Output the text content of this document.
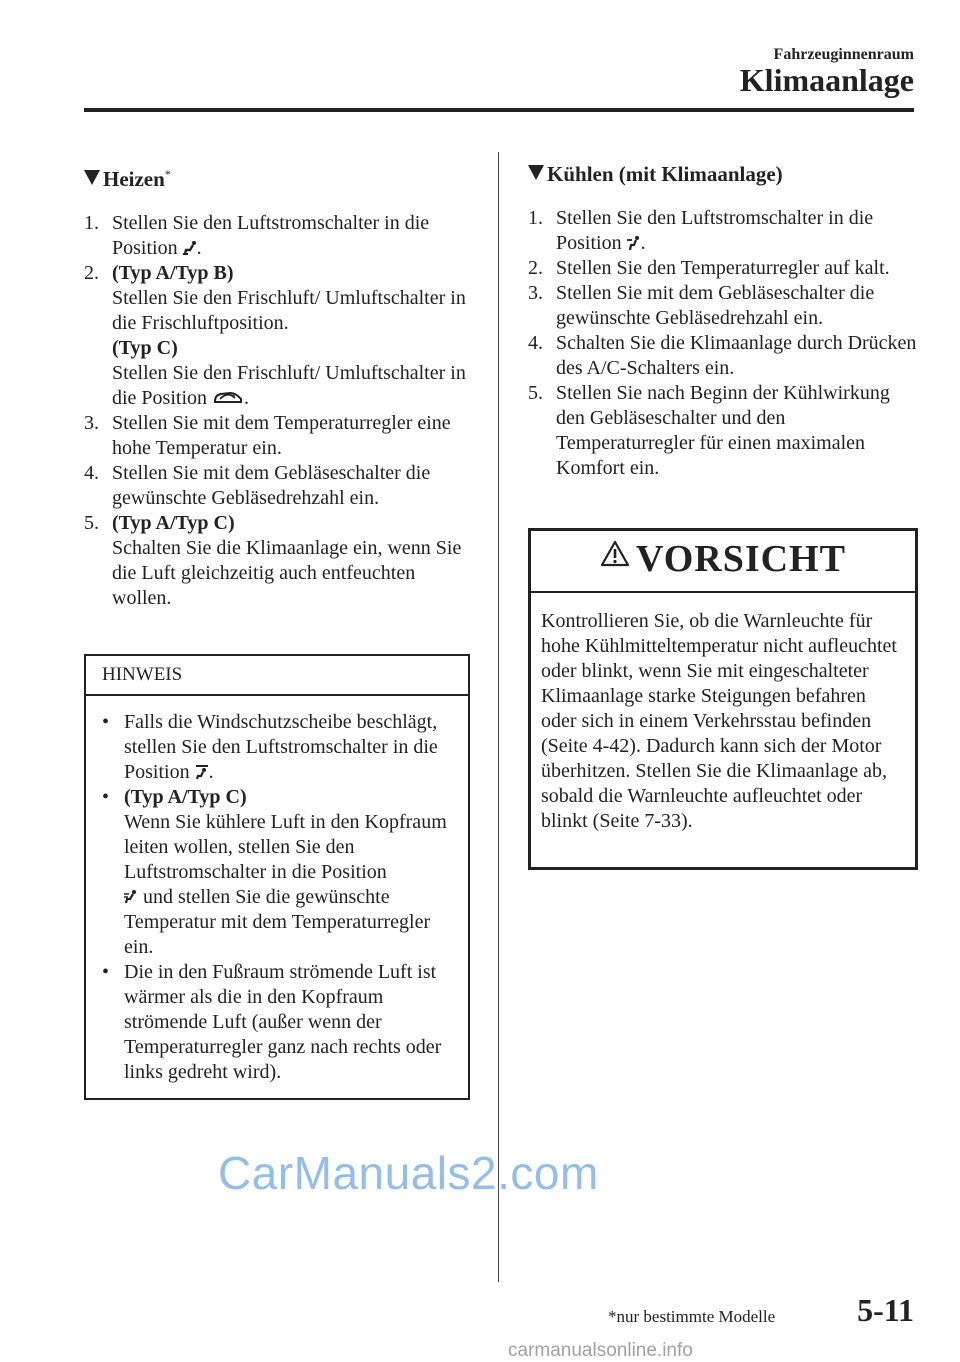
Fahrzeuginnenraum
Klimaanlage
Heizen*
1. Stellen Sie den Luftstromschalter in die Position .
2. (Typ A/Typ B)
Stellen Sie den Frischluft/ Umluftschalter in die Frischluftposition.
(Typ C)
Stellen Sie den Frischluft/ Umluftschalter in die Position .
3. Stellen Sie mit dem Temperaturregler eine hohe Temperatur ein.
4. Stellen Sie mit dem Gebläseschalter die gewünschte Gebläsedrehzahl ein.
5. (Typ A/Typ C)
Schalten Sie die Klimaanlage ein, wenn Sie die Luft gleichzeitig auch entfeuchten wollen.
HINWEIS
• Falls die Windschutzscheibe beschlägt, stellen Sie den Luftstromschalter in die Position .
• (Typ A/Typ C)
Wenn Sie kühlere Luft in den Kopfraum leiten wollen, stellen Sie den Luftstromschalter in die Position
und stellen Sie die gewünschte Temperatur mit dem Temperaturregler ein.
• Die in den Fußraum strömende Luft ist wärmer als die in den Kopfraum strömende Luft (außer wenn der Temperaturregler ganz nach rechts oder links gedreht wird).
Kühlen (mit Klimaanlage)
1. Stellen Sie den Luftstromschalter in die Position .
2. Stellen Sie den Temperaturregler auf kalt.
3. Stellen Sie mit dem Gebläseschalter die gewünschte Gebläsedrehzahl ein.
4. Schalten Sie die Klimaanlage durch Drücken des A/C-Schalters ein.
5. Stellen Sie nach Beginn der Kühlwirkung den Gebläseschalter und den Temperaturregler für einen maximalen Komfort ein.
VORSICHT
Kontrollieren Sie, ob die Warnleuchte für hohe Kühlmitteltemperatur nicht aufleuchtet oder blinkt, wenn Sie mit eingeschalteter Klimaanlage starke Steigungen befahren oder sich in einem Verkehrsstau befinden (Seite 4-42). Dadurch kann sich der Motor überhitzen. Stellen Sie die Klimaanlage ab, sobald die Warnleuchte aufleuchtet oder blinkt (Seite 7-33).
CarManuals2.com
*nur bestimmte Modelle	5-11
carmanualsonline.info
